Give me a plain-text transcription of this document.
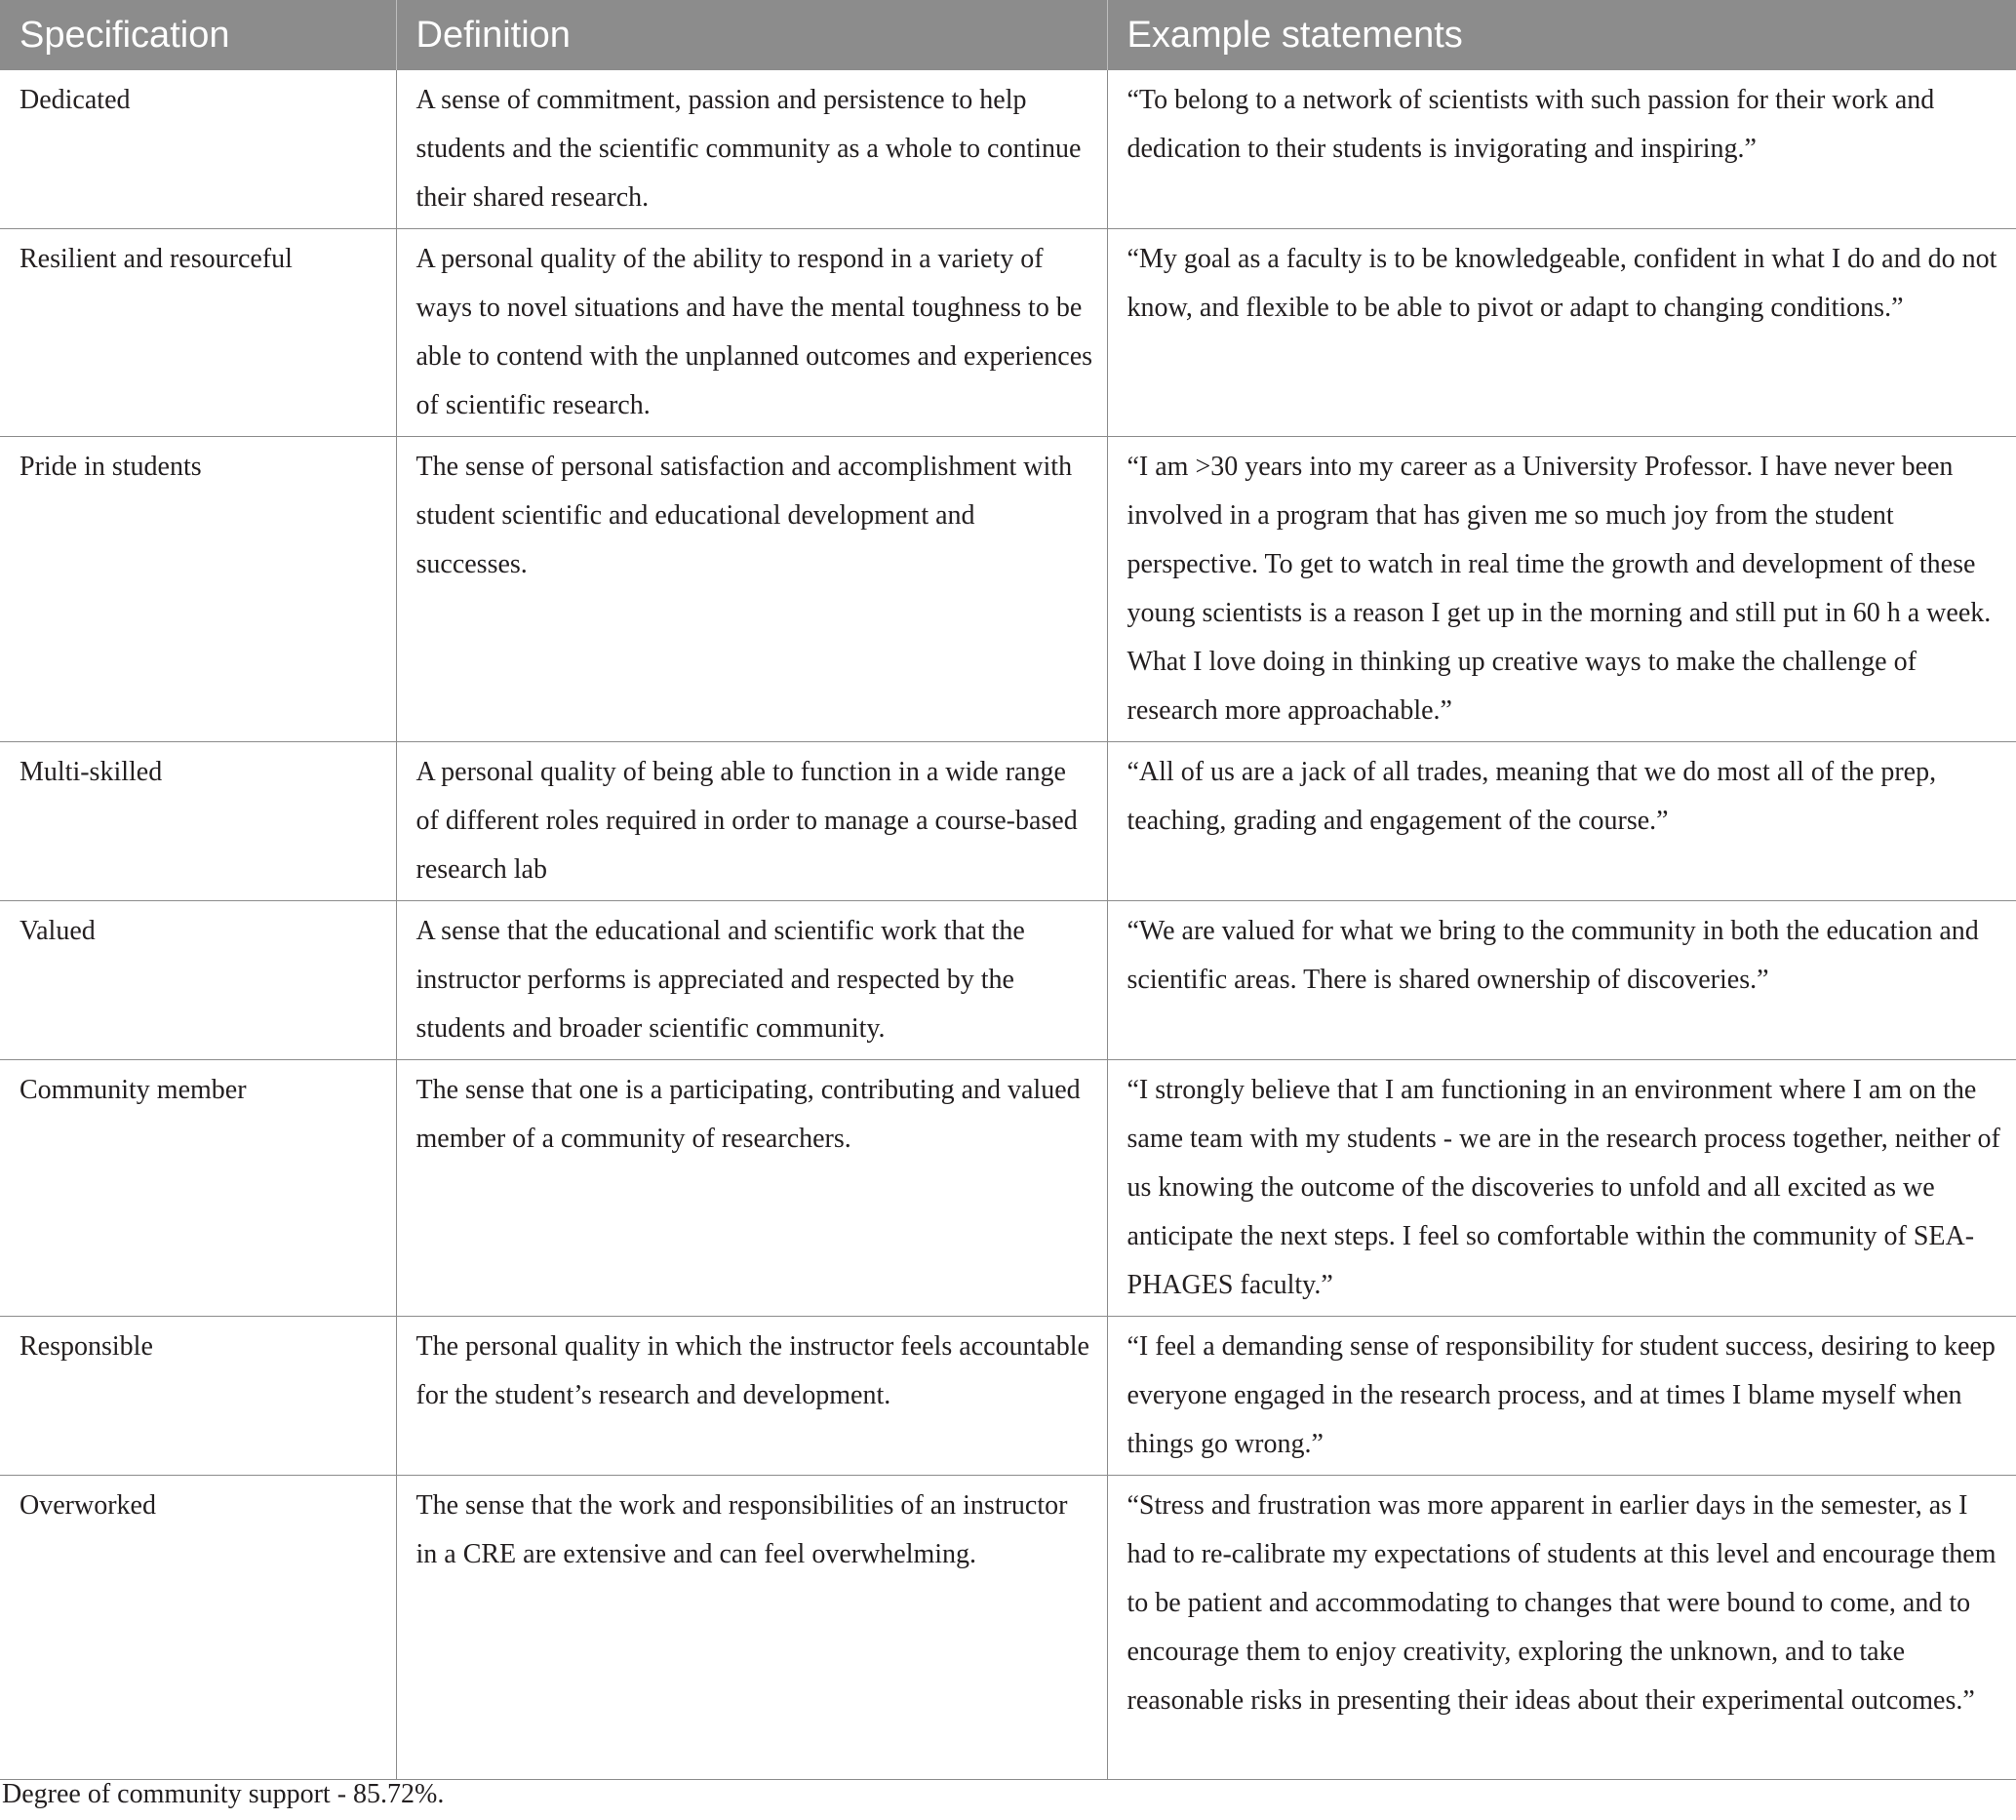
Specification	Definition	Example statements
Dedicated	A sense of commitment, passion and persistence to help students and the scientific community as a whole to continue their shared research.	“To belong to a network of scientists with such passion for their work and dedication to their students is invigorating and inspiring.”
Resilient and resourceful	A personal quality of the ability to respond in a variety of ways to novel situations and have the mental toughness to be able to contend with the unplanned outcomes and experiences of scientific research.	“My goal as a faculty is to be knowledgeable, confident in what I do and do not know, and flexible to be able to pivot or adapt to changing conditions.”
Pride in students	The sense of personal satisfaction and accomplishment with student scientific and educational development and successes.	“I am >30 years into my career as a University Professor. I have never been involved in a program that has given me so much joy from the student perspective. To get to watch in real time the growth and development of these young scientists is a reason I get up in the morning and still put in 60 h a week. What I love doing in thinking up creative ways to make the challenge of research more approachable.”
Multi-skilled	A personal quality of being able to function in a wide range of different roles required in order to manage a course-based research lab	“All of us are a jack of all trades, meaning that we do most all of the prep, teaching, grading and engagement of the course.”
Valued	A sense that the educational and scientific work that the instructor performs is appreciated and respected by the students and broader scientific community.	“We are valued for what we bring to the community in both the education and scientific areas. There is shared ownership of discoveries.”
Community member	The sense that one is a participating, contributing and valued member of a community of researchers.	“I strongly believe that I am functioning in an environment where I am on the same team with my students - we are in the research process together, neither of us knowing the outcome of the discoveries to unfold and all excited as we anticipate the next steps. I feel so comfortable within the community of SEA-PHAGES faculty.”
Responsible	The personal quality in which the instructor feels accountable for the student’s research and development.	“I feel a demanding sense of responsibility for student success, desiring to keep everyone engaged in the research process, and at times I blame myself when things go wrong.”
Overworked	The sense that the work and responsibilities of an instructor in a CRE are extensive and can feel overwhelming.	“Stress and frustration was more apparent in earlier days in the semester, as I had to re-calibrate my expectations of students at this level and encourage them to be patient and accommodating to changes that were bound to come, and to encourage them to enjoy creativity, exploring the unknown, and to take reasonable risks in presenting their ideas about their experimental outcomes.”

Degree of community support - 85.72%.
